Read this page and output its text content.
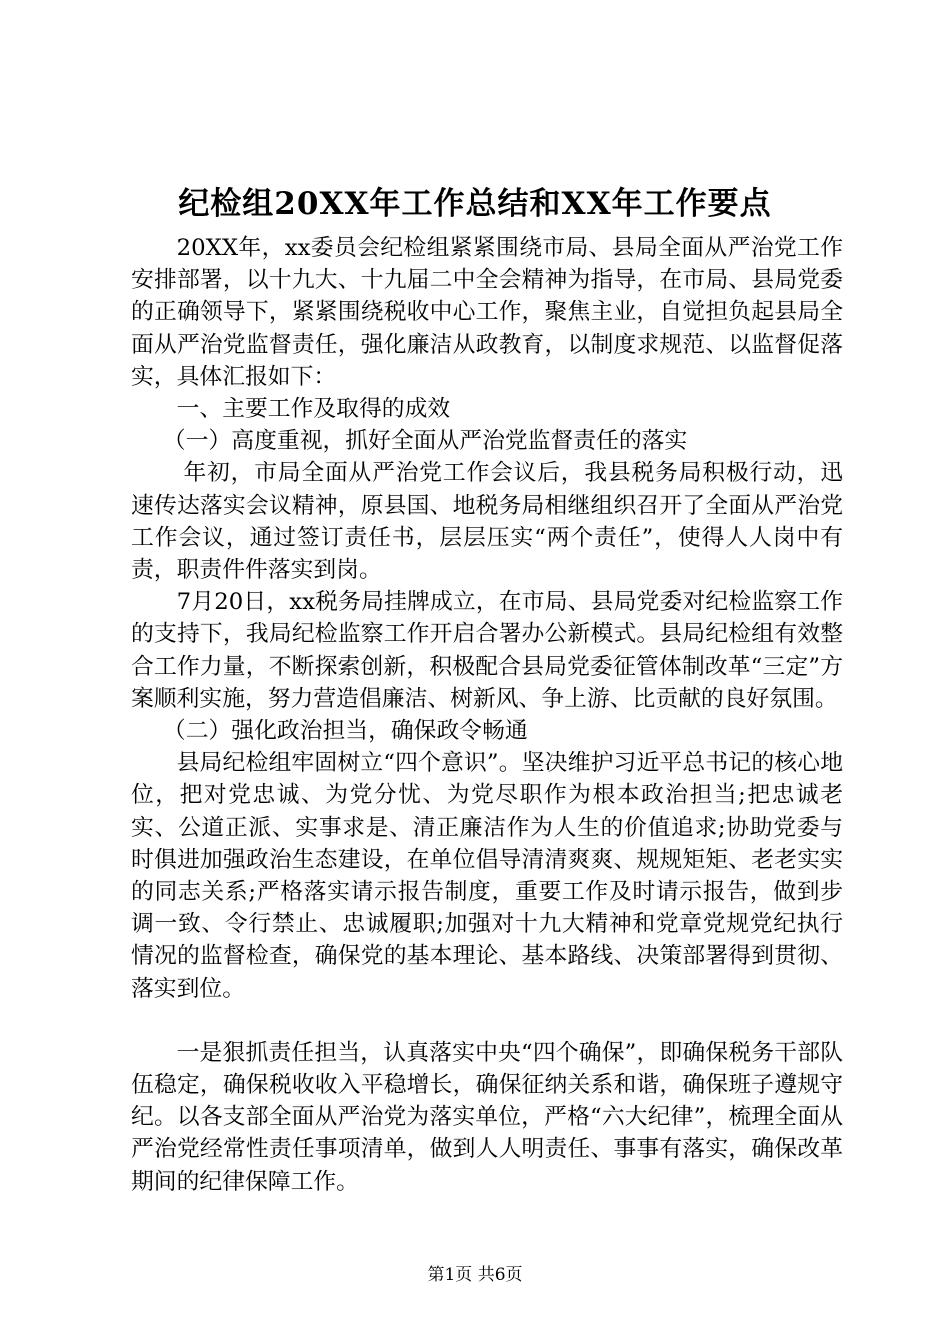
纪检组20XX年工作总结和XX年工作要点

20XX年，xx委员会纪检组紧紧围绕市局、县局全面从严治党工作安排部署，以十九大、十九届二中全会精神为指导，在市局、县局党委的正确领导下，紧紧围绕税收中心工作，聚焦主业，自觉担负起县局全面从严治党监督责任，强化廉洁从政教育，以制度求规范、以监督促落实，具体汇报如下：

一、主要工作及取得的成效

（一）高度重视，抓好全面从严治党监督责任的落实

年初，市局全面从严治党工作会议后，我县税务局积极行动，迅速传达落实会议精神，原县国、地税务局相继组织召开了全面从严治党工作会议，通过签订责任书，层层压实“两个责任”，使得人人岗中有责，职责件件落实到岗。

7月20日，xx税务局挂牌成立，在市局、县局党委对纪检监察工作的支持下，我局纪检监察工作开启合署办公新模式。县局纪检组有效整合工作力量，不断探索创新，积极配合县局党委征管体制改革“三定”方案顺利实施，努力营造倡廉洁、树新风、争上游、比贡献的良好氛围。

（二）强化政治担当，确保政令畅通

县局纪检组牢固树立“四个意识”。坚决维护习近平总书记的核心地位，把对党忠诚、为党分忧、为党尽职作为根本政治担当;把忠诚老实、公道正派、实事求是、清正廉洁作为人生的价值追求;协助党委与时俱进加强政治生态建设，在单位倡导清清爽爽、规规矩矩、老老实实的同志关系;严格落实请示报告制度，重要工作及时请示报告，做到步调一致、令行禁止、忠诚履职;加强对十九大精神和党章党规党纪执行情况的监督检查，确保党的基本理论、基本路线、决策部署得到贯彻、落实到位。

一是狠抓责任担当，认真落实中央“四个确保”，即确保税务干部队伍稳定，确保税收收入平稳增长，确保征纳关系和谐，确保班子遵规守纪。以各支部全面从严治党为落实单位，严格“六大纪律”，梳理全面从严治党经常性责任事项清单，做到人人明责任、事事有落实，确保改革期间的纪律保障工作。

第1页 共6页
